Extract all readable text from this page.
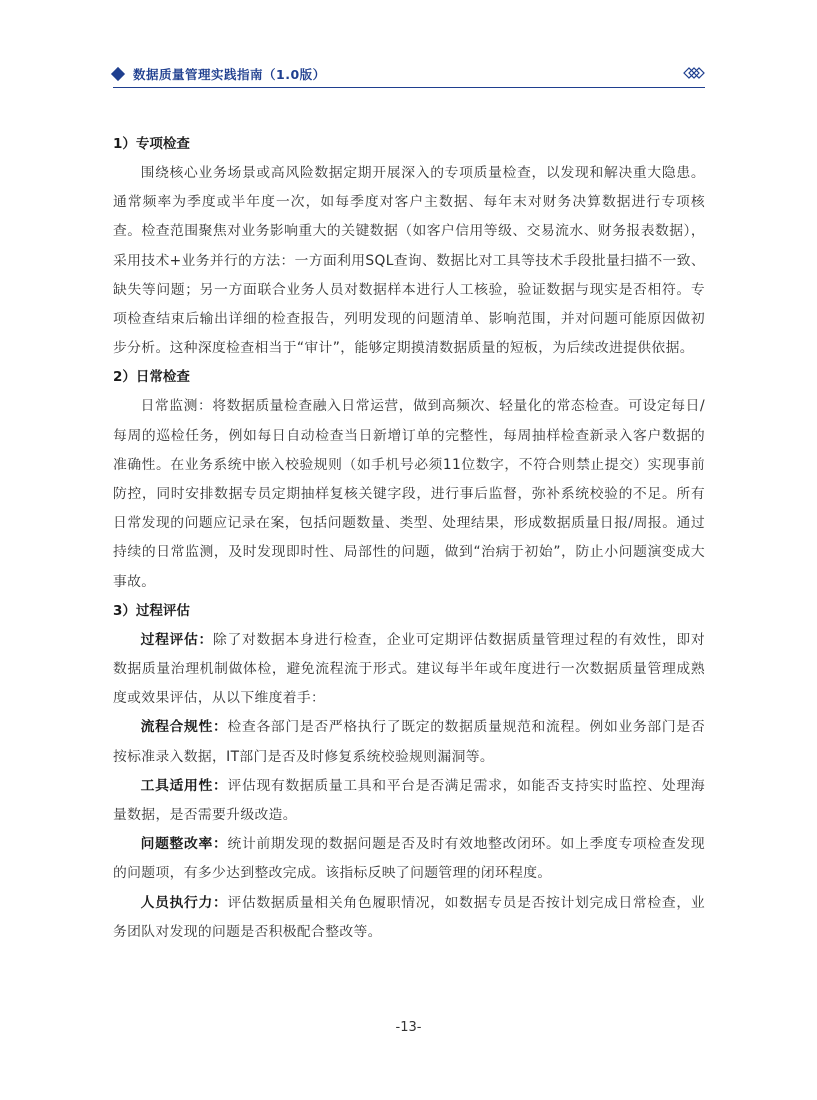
数据质量管理实践指南（1.0版）

1）专项检查

围绕核心业务场景或高风险数据定期开展深入的专项质量检查，以发现和解决重大隐患。通常频率为季度或半年度一次，如每季度对客户主数据、每年末对财务决算数据进行专项核查。检查范围聚焦对业务影响重大的关键数据（如客户信用等级、交易流水、财务报表数据），采用技术+业务并行的方法：一方面利用SQL查询、数据比对工具等技术手段批量扫描不一致、缺失等问题；另一方面联合业务人员对数据样本进行人工核验，验证数据与现实是否相符。专项检查结束后输出详细的检查报告，列明发现的问题清单、影响范围，并对问题可能原因做初步分析。这种深度检查相当于“审计”，能够定期摸清数据质量的短板，为后续改进提供依据。

2）日常检查

日常监测：将数据质量检查融入日常运营，做到高频次、轻量化的常态检查。可设定每日/每周的巡检任务，例如每日自动检查当日新增订单的完整性，每周抽样检查新录入客户数据的准确性。在业务系统中嵌入校验规则（如手机号必须11位数字，不符合则禁止提交）实现事前防控，同时安排数据专员定期抽样复核关键字段，进行事后监督，弥补系统校验的不足。所有日常发现的问题应记录在案，包括问题数量、类型、处理结果，形成数据质量日报/周报。通过持续的日常监测，及时发现即时性、局部性的问题，做到“治病于初始”，防止小问题演变成大事故。

3）过程评估

过程评估：除了对数据本身进行检查，企业可定期评估数据质量管理过程的有效性，即对数据质量治理机制做体检，避免流程流于形式。建议每半年或年度进行一次数据质量管理成熟度或效果评估，从以下维度着手：

流程合规性：检查各部门是否严格执行了既定的数据质量规范和流程。例如业务部门是否按标准录入数据，IT部门是否及时修复系统校验规则漏洞等。

工具适用性：评估现有数据质量工具和平台是否满足需求，如能否支持实时监控、处理海量数据，是否需要升级改造。

问题整改率：统计前期发现的数据问题是否及时有效地整改闭环。如上季度专项检查发现的问题项，有多少达到整改完成。该指标反映了问题管理的闭环程度。

人员执行力：评估数据质量相关角色履职情况，如数据专员是否按计划完成日常检查，业务团队对发现的问题是否积极配合整改等。

-13-
